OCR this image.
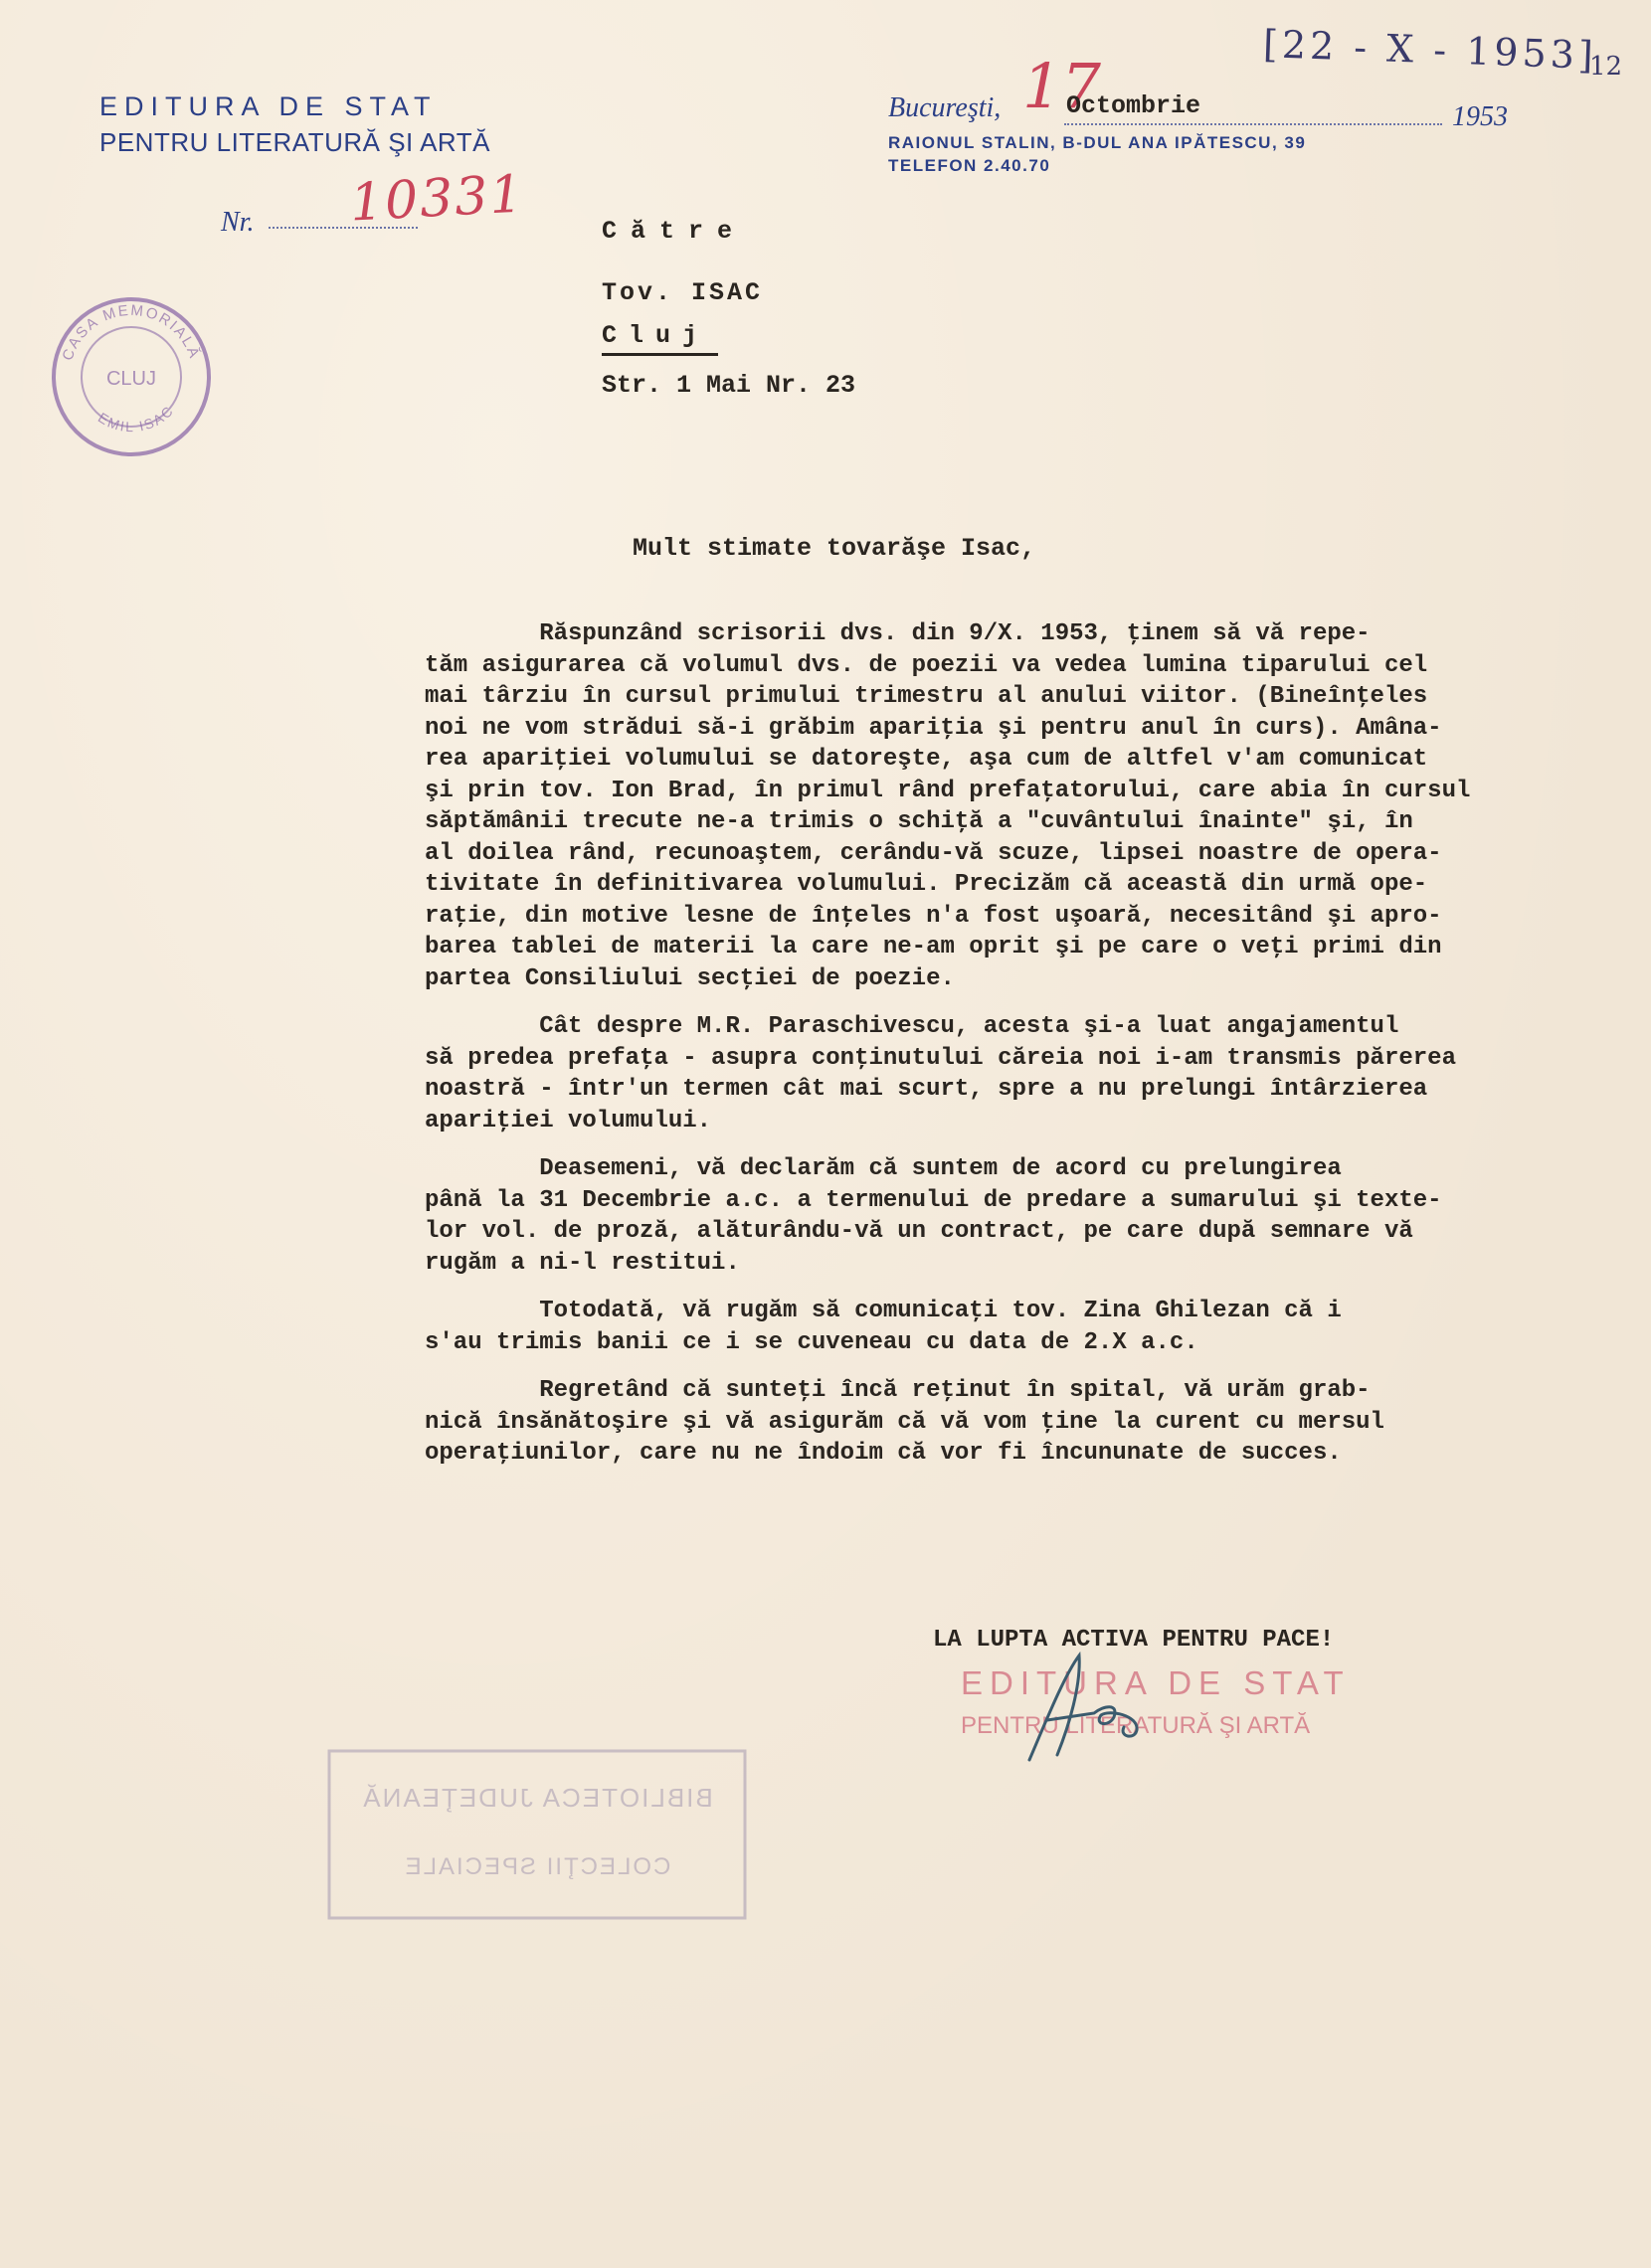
EDITURA DE STAT
PENTRU LITERATURĂ ŞI ARTĂ
Nr. 10331
Bucureşti, 17
Octombrie	1953
RAIONUL STALIN, B-DUL ANA IPĂTESCU, 39
TELEFON 2.40.70
[22 - X - 1953]
12
CLUJ
CASA MEMORIALĂ
EMIL ISAC
Către
Tov. ISAC
Cluj
Str. 1 Mai Nr. 23
Mult stimate tovarăşe Isac,

Răspunzând scrisorii dvs. din 9/X. 1953, ţinem să vă repe-
tăm asigurarea că volumul dvs. de poezii va vedea lumina tiparului cel
mai târziu în cursul primului trimestru al anului viitor. (Bineînţeles
noi ne vom strădui să-i grăbim apariţia şi pentru anul în curs). Amâna-
rea apariţiei volumului se datoreşte, aşa cum de altfel v'am comunicat
şi prin tov. Ion Brad, în primul rând prefaţatorului, care abia în cursul
săptămânii trecute ne-a trimis o schiţă a "cuvântului înainte" şi, în
al doilea rând, recunoaştem, cerându-vă scuze, lipsei noastre de opera-
tivitate în definitivarea volumului. Precizăm că această din urmă ope-
raţie, din motive lesne de înţeles n'a fost uşoară, necesitând şi apro-
barea tablei de materii la care ne-am oprit şi pe care o veţi primi din
partea Consiliului secţiei de poezie.

Cât despre M.R. Paraschivescu, acesta şi-a luat angajamentul
să predea prefaţa - asupra conţinutului căreia noi i-am transmis părerea
noastră - într'un termen cât mai scurt, spre a nu prelungi întârzierea
apariţiei volumului.

Deasemeni, vă declarăm că suntem de acord cu prelungirea
până la 31 Decembrie a.c. a termenului de predare a sumarului şi texte-
lor vol. de proză, alăturându-vă un contract, pe care după semnare vă
rugăm a ni-l restitui.

Totodată, vă rugăm să comunicaţi tov. Zina Ghilezan că i
s'au trimis banii ce i se cuveneau cu data de 2.X a.c.

Regretând că sunteţi încă reţinut în spital, vă urăm grab-
nică însănătoşire şi vă asigurăm că vă vom ţine la curent cu mersul
operaţiunilor, care nu ne îndoim că vor fi încununate de succes.

LA LUPTA ACTIVA PENTRU PACE!
EDITURA DE STAT
PENTRU LITERATURĂ ŞI ARTĂ
BIBLIOTECA JUDEŢEANĂ
COLECŢII SPECIALE
